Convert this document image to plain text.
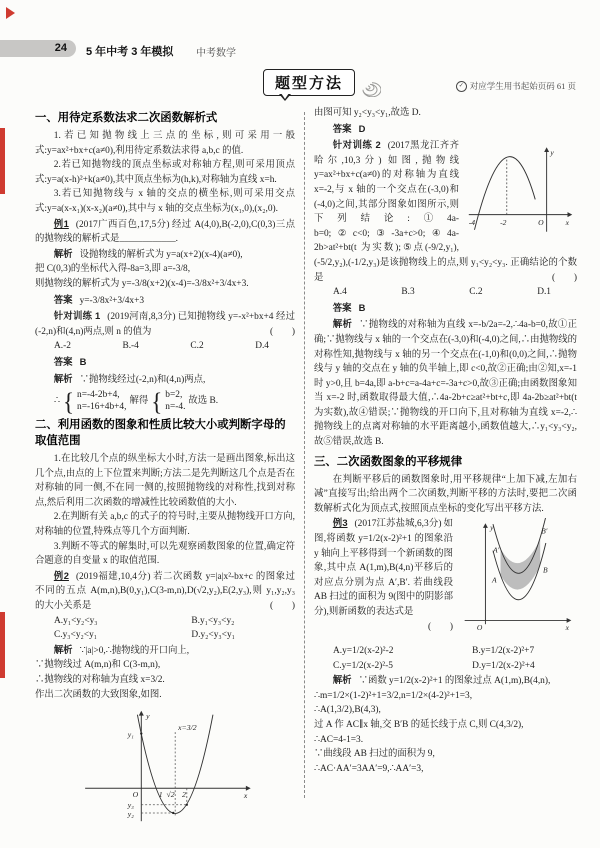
24	5 年中考 3 年模拟 中考数学
题型方法	✓ 对应学生用书起始页码 61 页
一、用待定系数法求二次函数解析式

1.若已知抛物线上三点的坐标,则可采用一般式:y=ax²+bx+c(a≠0),利用待定系数法求得 a,b,c 的值.

2.若已知抛物线的顶点坐标或对称轴方程,则可采用顶点式:y=a(x-h)²+k(a≠0),其中顶点坐标为(h,k),对称轴为直线 x=h.

3.若已知抛物线与 x 轴的交点的横坐标,则可采用交点式:y=a(x-x₁)(x-x₂)(a≠0),其中与 x 轴的交点坐标为(x₁,0),(x₂,0).

例1 (2017广西百色,17,5分) 经过 A(4,0),B(-2,0),C(0,3)三点的抛物线的解析式是____________.

解析 设抛物线的解析式为 y=a(x+2)(x-4)(a≠0),

把 C(0,3)的坐标代入得-8a=3,即 a=-3/8,

则抛物线的解析式为 y=-3/8(x+2)(x-4)=-3/8x²+3/4x+3.

答案 y=-3/8x²+3/4x+3

针对训练 1 (2019河南,8,3分) 已知抛物线 y=-x²+bx+4 经过(-2,n)和(4,n)两点,则 n 的值为	(　　)

A.-2	B.-4	C.2	D.4

答案 B

解析 ∵抛物线经过(-2,n)和(4,n)两点,

∴ { n=-4-2b+4,
n=-16+4b+4,
解得 { b=2,
n=-4.
故选 B.
二、利用函数的图象和性质比较大小或判断字母的取值范围

1.在比较几个点的纵坐标大小时,方法一是画出图象,标出这几个点,由点的上下位置来判断;方法二是先判断这几个点是否在对称轴的同一侧,不在同一侧的,按照抛物线的对称性,找到对称点,然后利用二次函数的增减性比较函数值的大小.

2.在判断有关 a,b,c 的式子的符号时,主要从抛物线开口方向,对称轴的位置,特殊点等几个方面判断.

3.判断不等式的解集时,可以先观察函数图象的位置,确定符合题意的自变量 x 的取值范围.

例2 (2019福建,10,4分) 若二次函数 y=|a|x²-bx+c 的图象过不同的五点 A(m,n),B(0,y₁),C(3-m,n),D(√2,y₂),E(2,y₃),则 y₁,y₂,y₃ 的大小关系是	(　　)

A.y₁<y₂<y₃	B.y₁<y₃<y₂
C.y₃<y₂<y₁	D.y₂<y₃<y₁

解析 ∵|a|>0,∴抛物线的开口向上,

∵抛物线过 A(m,n)和 C(3-m,n),

∴抛物线的对称轴为直线 x=3/2.

作出二次函数的大致图象,如图.

y
x
O	1 √2 2
x=3/2
y₁
y₂
y₃

由图可知 y₂<y₃<y₁,故选 D.

答案 D

y
x
O
-4	-2

针对训练 2 (2017黑龙江齐齐哈尔,10,3分) 如图,抛物线 y=ax²+bx+c(a≠0)的对称轴为直线 x=-2,与 x 轴的一个交点在(-3,0)和(-4,0)之间,其部分图象如图所示,则下列结论:①4a-b=0;②c<0;③-3a+c>0;④4a-2b>at²+bt(t 为实数);⑤点(-9/2,y₁),(-5/2,y₂),(-1/2,y₃)是该抛物线上的点,则 y₁<y₂<y₃. 正确结论的个数是	(　　)

A.4	B.3	C.2	D.1

答案 B

解析 ∵抛物线的对称轴为直线 x=-b/2a=-2,∴4a-b=0,故①正确;∵抛物线与 x 轴的一个交点在(-3,0)和(-4,0)之间,∴由抛物线的对称性知,抛物线与 x 轴的另一个交点在(-1,0)和(0,0)之间,∴抛物线与 y 轴的交点在 y 轴的负半轴上,即 c<0,故②正确;由②知,x=-1 时 y>0,且 b=4a,即 a-b+c=a-4a+c=-3a+c>0,故③正确;由函数图象知当 x=-2 时,函数取得最大值,∴4a-2b+c≥at²+bt+c,即 4a-2b≥at²+bt(t 为实数),故④错误;∵抛物线的开口向下,且对称轴为直线 x=-2,∴抛物线上的点离对称轴的水平距离越小,函数值越大,∴y₁<y₃<y₂,故⑤错误,故选 B.

三、二次函数图象的平移规律

在判断平移后的函数图象时,用平移规律“上加下减,左加右减”直接写出;给出两个二次函数,判断平移的方法时,要把二次函数解析式化为顶点式,按照顶点坐标的变化写出平移方法.

y
x
O
A
B
A′
B′

例3 (2017江苏盐城,6,3分) 如图,将函数 y=1/2(x-2)²+1 的图象沿 y 轴向上平移得到一个新函数的图象,其中点 A(1,m),B(4,n)平移后的对应点分别为点 A′,B′. 若曲线段 AB 扫过的面积为 9(图中的阴影部分),则新函数的表达式是
(　　)

A.y=1/2(x-2)²-2	B.y=1/2(x-2)²+7
C.y=1/2(x-2)²-5	D.y=1/2(x-2)²+4

解析 ∵函数 y=1/2(x-2)²+1 的图象过点 A(1,m),B(4,n),

∴m=1/2×(1-2)²+1=3/2,n=1/2×(4-2)²+1=3,

∴A(1,3/2),B(4,3),

过 A 作 AC∥x 轴,交 B′B 的延长线于点 C,则 C(4,3/2),

∴AC=4-1=3.

∵曲线段 AB 扫过的面积为 9,

∴AC·AA′=3AA′=9,∴AA′=3,
